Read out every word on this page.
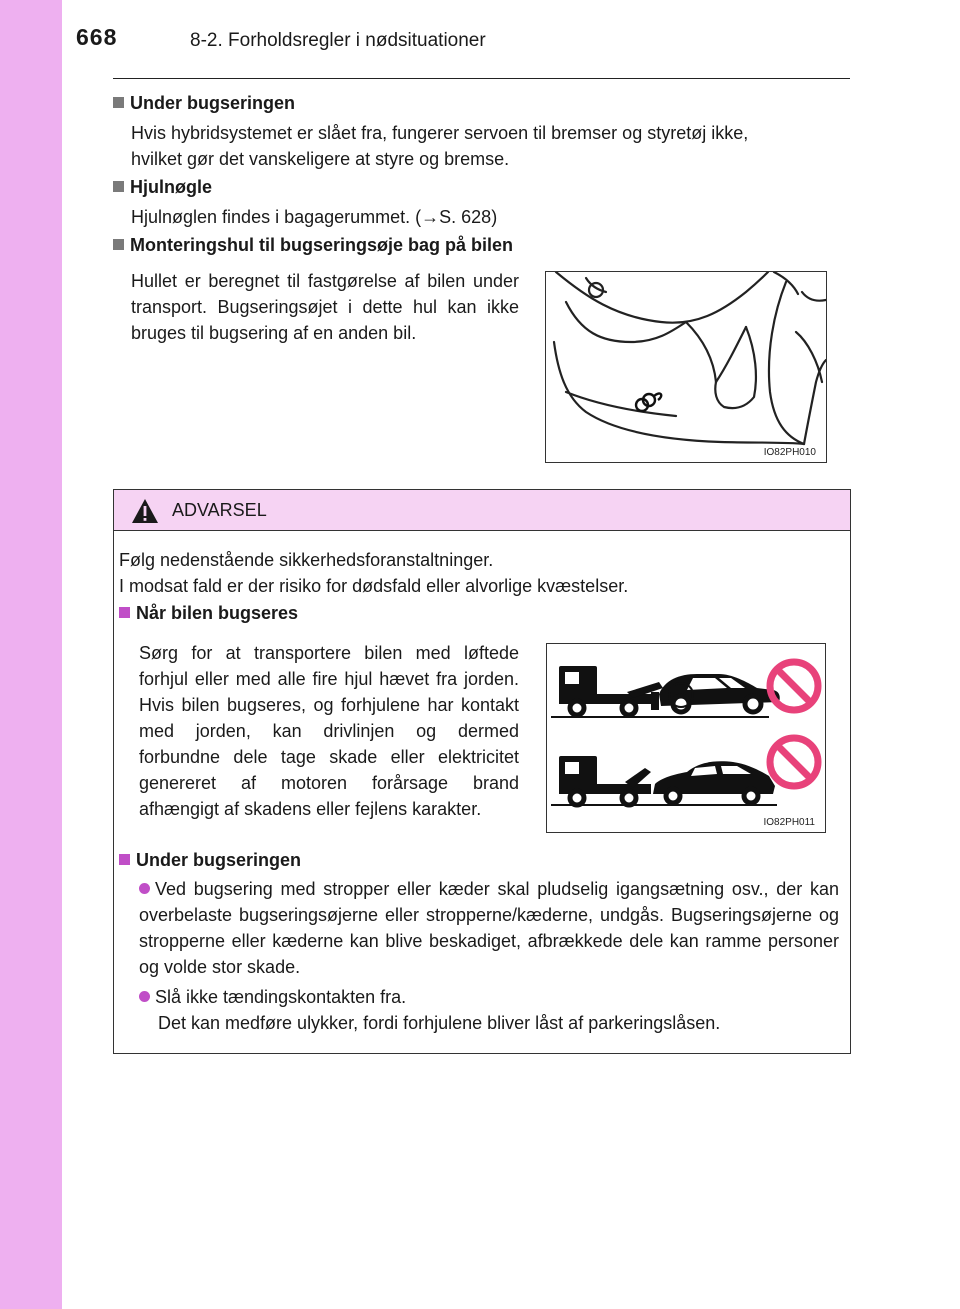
668	8-2. Forholdsregler i nødsituationer
Under bugseringen
Hvis hybridsystemet er slået fra, fungerer servoen til bremser og styretøj ikke,
hvilket gør det vanskeligere at styre og bremse.
Hjulnøgle
Hjulnøglen findes i bagagerummet. (→S. 628)
Monteringshul til bugseringsøje bag på bilen
Hullet er beregnet til fastgørelse af bilen under transport. Bugseringsøjet i dette hul kan ikke bruges til bugsering af en anden bil.
IO82PH010
ADVARSEL
Følg nedenstående sikkerhedsforanstaltninger.
I modsat fald er der risiko for dødsfald eller alvorlige kvæstelser.
Når bilen bugseres
Sørg for at transportere bilen med løftede forhjul eller med alle fire hjul hævet fra jorden. Hvis bilen bugseres, og forhjulene har kontakt med jorden, kan drivlinjen og dermed forbundne dele tage skade eller elektricitet genereret af motoren forårsage brand afhængigt af skadens eller fejlens karakter.
IO82PH011
Under bugseringen
Ved bugsering med stropper eller kæder skal pludselig igangsætning osv., der kan overbelaste bugseringsøjerne eller stropperne/kæderne, undgås. Bugseringsøjerne og stropperne eller kæderne kan blive beskadiget, afbrækkede dele kan ramme personer og volde stor skade.
Slå ikke tændingskontakten fra.
Det kan medføre ulykker, fordi forhjulene bliver låst af parkeringslåsen.
